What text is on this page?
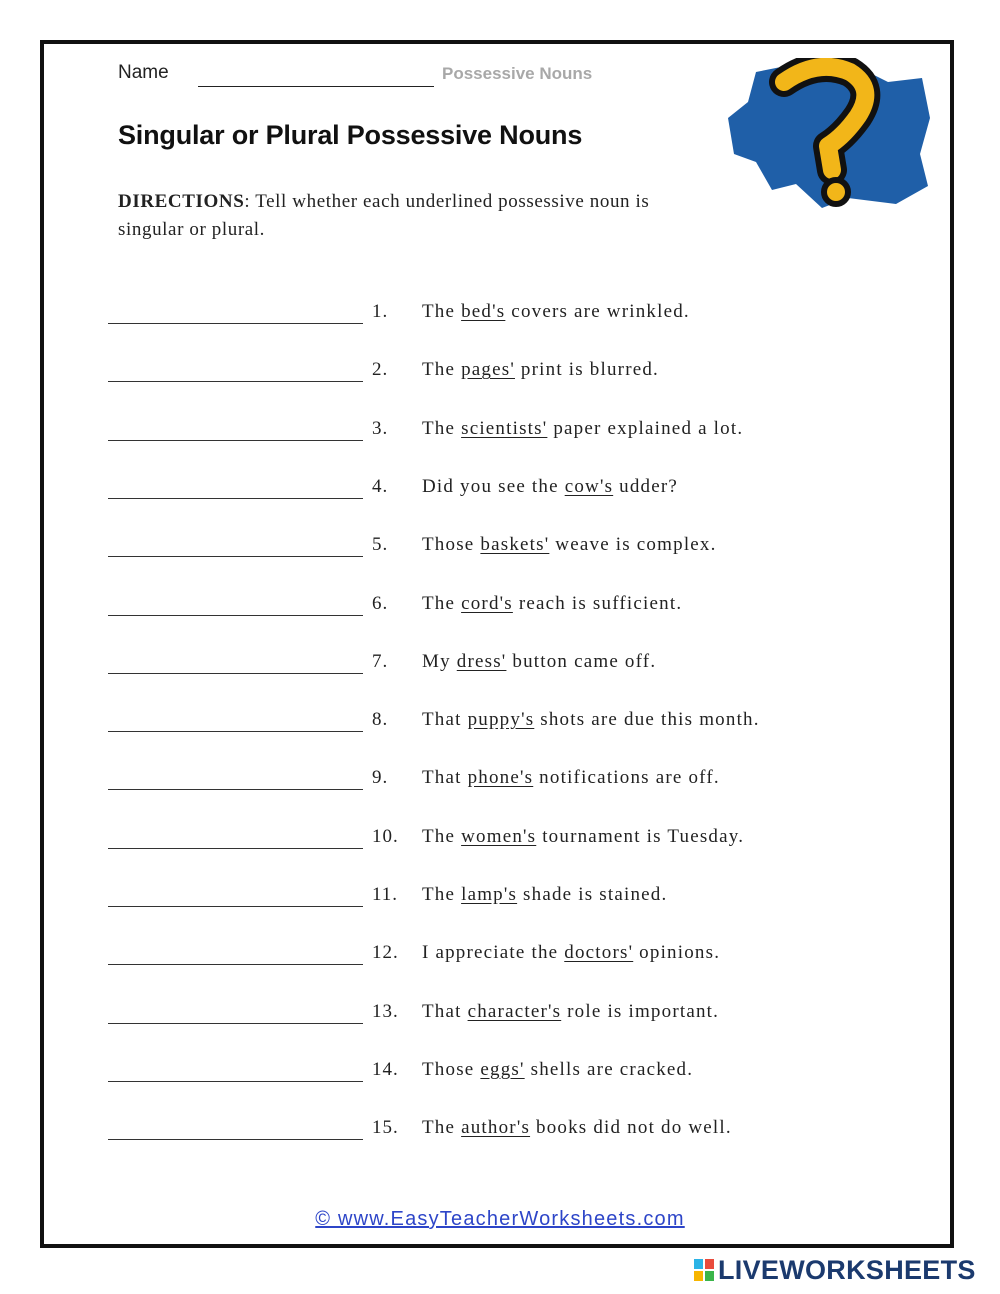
Name	Possessive Nouns
Singular or Plural Possessive Nouns
DIRECTIONS: Tell whether each underlined possessive noun is singular or plural.
1. The bed's covers are wrinkled.
2. The pages' print is blurred.
3. The scientists' paper explained a lot.
4. Did you see the cow's udder?
5. Those baskets' weave is complex.
6. The cord's reach is sufficient.
7. My dress' button came off.
8. That puppy's shots are due this month.
9. That phone's notifications are off.
10. The women's tournament is Tuesday.
11. The lamp's shade is stained.
12. I appreciate the doctors' opinions.
13. That character's role is important.
14. Those eggs' shells are cracked.
15. The author's books did not do well.
© www.EasyTeacherWorksheets.com
LIVEWORKSHEETS
